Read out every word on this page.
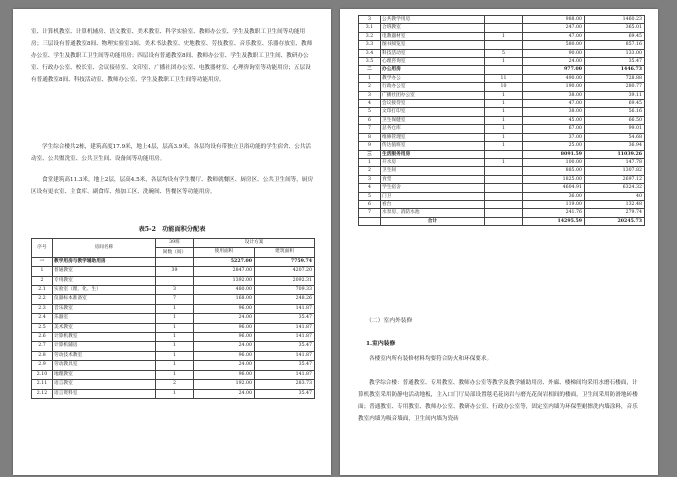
室、计算机教室、计算机辅房、语文教室、美术教室、科学实验室、教师办公室、学生及教职工卫生间等功能用房；三层设有普通教室8间、物理实验室3间、美术书法教室、史地教室、劳技教室、音乐教室、乐器存放室、教师办公室、学生及教职工卫生间等功能用房；四层设有普通教室8间、教师办公室、学生及教职工卫生间、教研办公室、行政办公室、校长室、会议接待室、文印室、广播社团办公室、电教器材室、心理咨询室等功能用房；五层设有普通教室8间、科技活动室、教师办公室、学生及教职工卫生间等功能用房。

学生综合楼共2栋，建筑高度17.9米，地上4层，层高3.9米，各层均设有带独立卫浴功能的学生宿舍、公共活动室、公共盥洗室、公共卫生间、设备间等功能用房。

食堂建筑高11.3米，地上2层，层高4.5米，各层均设有学生餐厅、教师就餐区、厨房区、公共卫生间等，厨房区设有更衣室、主食库、副食库、热加工区、洗碗间、售餐区等功能用房。

表5-2　功能面积分配表

序号	房间名称	39班	设计方案	
		间数（间）	使用面积	建筑面积

一	教学用房与教学辅助用房		5227.00	7759.74
1	普通教室	39	2847.00	4207.20
2	专用教室		1392.00	2092.31
2.1	实验室（理、化、生）	3	480.00	709.33
2.2	仪器标本准备室	7	168.00	248.26
2.3	音乐教室	1	96.00	141.87
2.4	乐器室	1	24.00	35.47
2.5	美术教室	1	96.00	141.87
2.6	计算机教室	1	96.00	141.87
2.7	计算机辅房	1	24.00	35.47
2.8	劳动技术教室	1	96.00	141.87
2.9	劳动教具室	1	24.00	35.47
2.10	地理教室	1	96.00	141.87
2.11	语言教室	2	192.00	283.73
2.12	语言资料室	1	24.00	35.47
3	公共教学用房		988.00	1460.23
3.1	合班教室		247.00	365.01
3.2	电教器材室	1	47.00	69.45
3.3	图书阅览室		580.00	857.16
3.4	科技活动室	5	90.00	133.00
3.5	心理咨询室	1	24.00	35.47
二	办公用房		977.00	1446.73
1	教学办公	11	490.00	728.88
2	行政办公室	10	190.00	280.77
3	广播社团办公室	1	38.00	39.11
4	会议接待室	1	47.00	69.45
5	文印打印室	1	38.00	56.16
6	卫生保健室	1	45.00	66.50
7	总务仓库	1	67.00	99.01
8	维修管理室	1	37.00	54.68
9	传达值班室	1	25.00	36.94
三	生活服务用房		8091.59	11039.26
1	开水房	1	100.00	147.78
2	卫生间		885.00	1307.82
3	食堂		1825.00	2697.12
4	学生宿舍		4604.91	6324.32
5	门卫		36.00	40
6	看台		119.00	132.48
7	水泵房、消防水池		241.76	279.74
	合计		14295.59	20245.73

（二）室内外装修

1.室内装修

各楼室内所有装修材料均要符合防火和环保要求。

教学综合楼：普通教室、专用教室、教师办公室等教学及教学辅助用房、外廊、楼梯间均采用水磨石楼面，计算机教室采用防静电活动地板，主入口门厅局部设置毯毛花岗岩与磨光花岗岩相间的楼面，卫生间采用防滑地砖楼面；普通教室、专用教室、教师办公室、教研办公室、行政办公室等，固定室内墙为环保型耐擦洗内墙涂料，音乐教室内墙为吸音墙面，卫生间内墙为瓷砖
